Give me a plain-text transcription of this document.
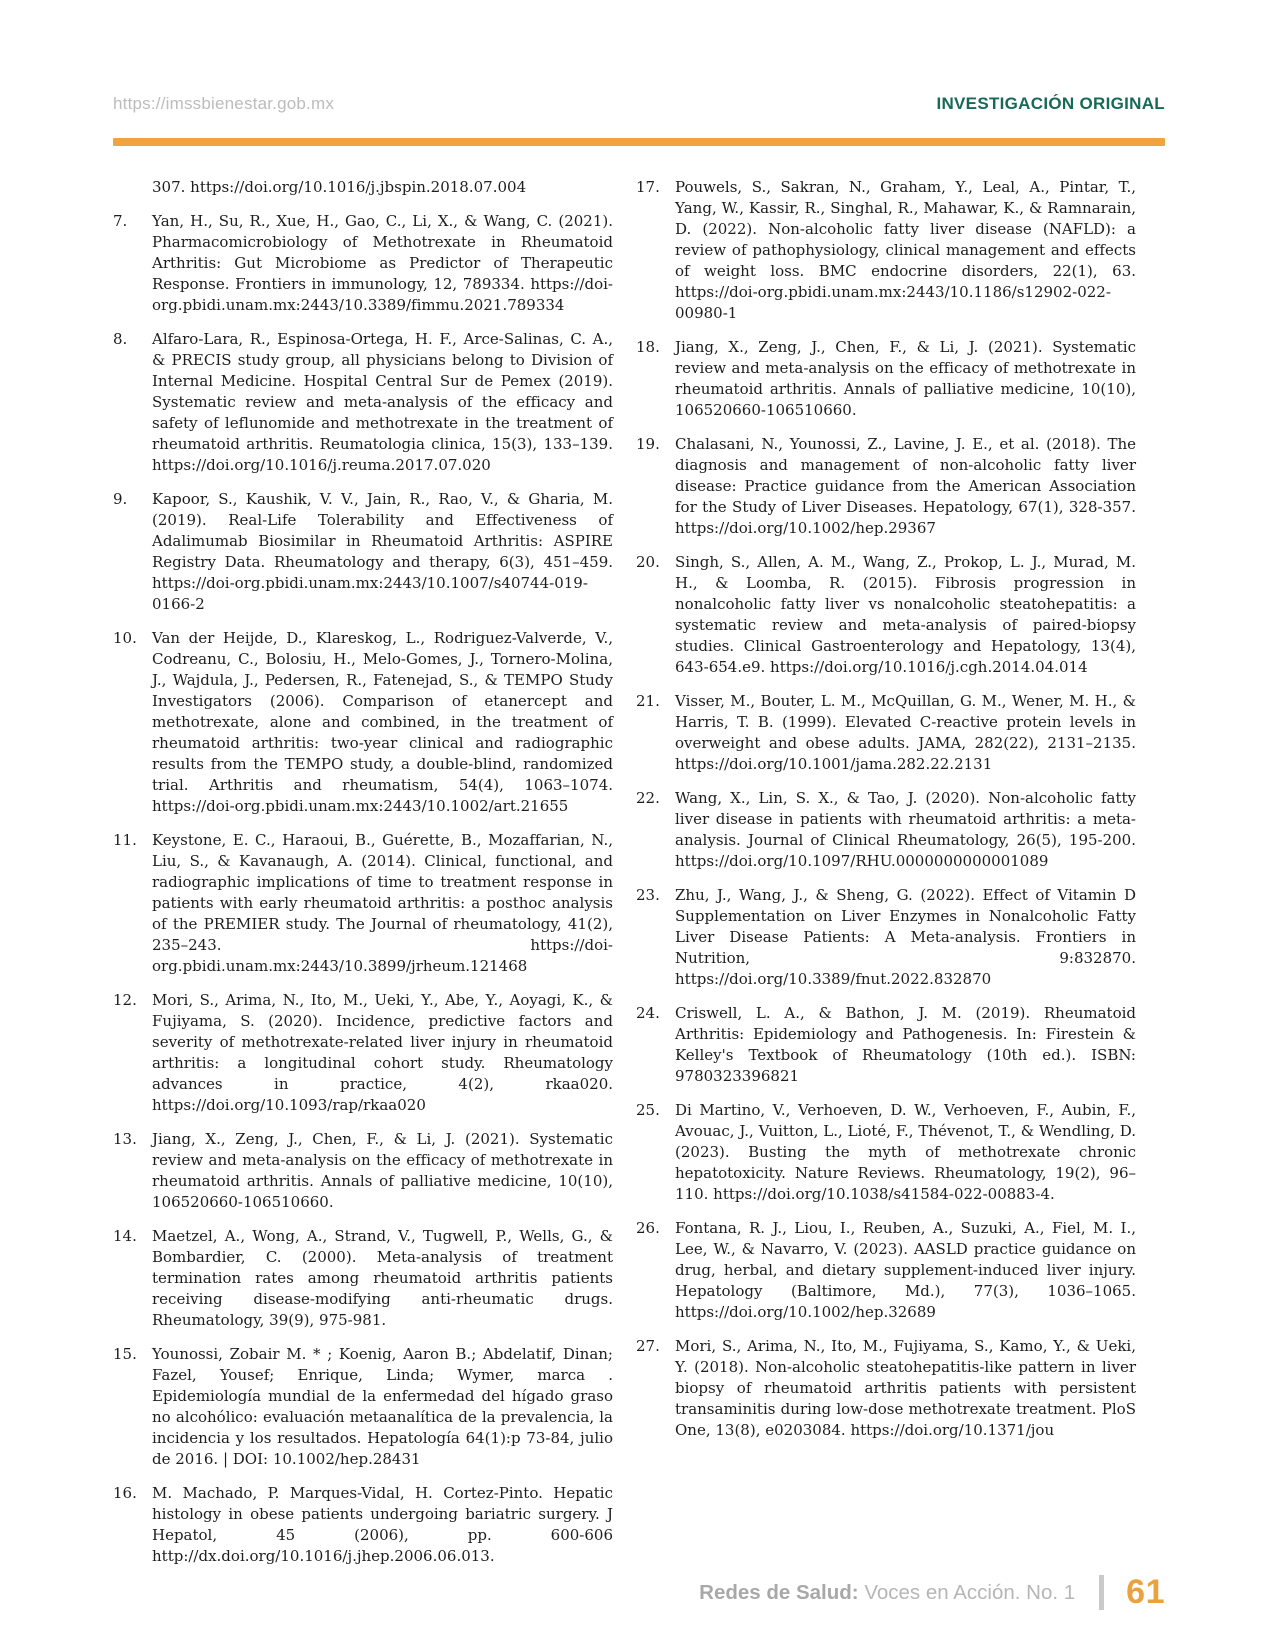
https://imssbienestar.gob.mx	INVESTIGACIÓN ORIGINAL
307. https://doi.org/10.1016/j.jbspin.2018.07.004
7.	Yan, H., Su, R., Xue, H., Gao, C., Li, X., & Wang, C. (2021). Pharmacomicrobiology of Methotrexate in Rheumatoid Arthritis: Gut Microbiome as Predictor of Therapeutic Response. Frontiers in immunology, 12, 789334. https://doi-org.pbidi.unam.mx:2443/10.3389/fimmu.2021.789334
8.	Alfaro-Lara, R., Espinosa-Ortega, H. F., Arce-Salinas, C. A., & PRECIS study group, all physicians belong to Division of Internal Medicine. Hospital Central Sur de Pemex (2019). Systematic review and meta-analysis of the efficacy and safety of leflunomide and methotrexate in the treatment of rheumatoid arthritis. Reumatologia clinica, 15(3), 133–139. https://doi.org/10.1016/j.reuma.2017.07.020
9.	Kapoor, S., Kaushik, V. V., Jain, R., Rao, V., & Gharia, M. (2019). Real-Life Tolerability and Effectiveness of Adalimumab Biosimilar in Rheumatoid Arthritis: ASPIRE Registry Data. Rheumatology and therapy, 6(3), 451–459. https://doi-org.pbidi.unam.mx:2443/10.1007/s40744-019-0166-2
10.	Van der Heijde, D., Klareskog, L., Rodriguez-Valverde, V., Codreanu, C., Bolosiu, H., Melo-Gomes, J., Tornero-Molina, J., Wajdula, J., Pedersen, R., Fatenejad, S., & TEMPO Study Investigators (2006). Comparison of etanercept and methotrexate, alone and combined, in the treatment of rheumatoid arthritis: two-year clinical and radiographic results from the TEMPO study, a double-blind, randomized trial. Arthritis and rheumatism, 54(4), 1063–1074. https://doi-org.pbidi.unam.mx:2443/10.1002/art.21655
11.	Keystone, E. C., Haraoui, B., Guérette, B., Mozaffarian, N., Liu, S., & Kavanaugh, A. (2014). Clinical, functional, and radiographic implications of time to treatment response in patients with early rheumatoid arthritis: a posthoc analysis of the PREMIER study. The Journal of rheumatology, 41(2), 235–243. https://doi-org.pbidi.unam.mx:2443/10.3899/jrheum.121468
12.	Mori, S., Arima, N., Ito, M., Ueki, Y., Abe, Y., Aoyagi, K., & Fujiyama, S. (2020). Incidence, predictive factors and severity of methotrexate-related liver injury in rheumatoid arthritis: a longitudinal cohort study. Rheumatology advances in practice, 4(2), rkaa020. https://doi.org/10.1093/rap/rkaa020
13.	Jiang, X., Zeng, J., Chen, F., & Li, J. (2021). Systematic review and meta-analysis on the efficacy of methotrexate in rheumatoid arthritis. Annals of palliative medicine, 10(10), 106520660-106510660.
14.	Maetzel, A., Wong, A., Strand, V., Tugwell, P., Wells, G., & Bombardier, C. (2000). Meta-analysis of treatment termination rates among rheumatoid arthritis patients receiving disease-modifying anti-rheumatic drugs. Rheumatology, 39(9), 975-981.
15.	Younossi, Zobair M. * ; Koenig, Aaron B.; Abdelatif, Dinan; Fazel, Yousef; Enrique, Linda; Wymer, marca . Epidemiología mundial de la enfermedad del hígado graso no alcohólico: evaluación metaanalítica de la prevalencia, la incidencia y los resultados. Hepatología 64(1):p 73-84, julio de 2016. | DOI: 10.1002/hep.28431
16.	M. Machado, P. Marques-Vidal, H. Cortez-Pinto. Hepatic histology in obese patients undergoing bariatric surgery. J Hepatol, 45 (2006), pp. 600-606 http://dx.doi.org/10.1016/j.jhep.2006.06.013.
17.	Pouwels, S., Sakran, N., Graham, Y., Leal, A., Pintar, T., Yang, W., Kassir, R., Singhal, R., Mahawar, K., & Ramnarain, D. (2022). Non-alcoholic fatty liver disease (NAFLD): a review of pathophysiology, clinical management and effects of weight loss. BMC endocrine disorders, 22(1), 63. https://doi-org.pbidi.unam.mx:2443/10.1186/s12902-022-00980-1
18.	Jiang, X., Zeng, J., Chen, F., & Li, J. (2021). Systematic review and meta-analysis on the efficacy of methotrexate in rheumatoid arthritis. Annals of palliative medicine, 10(10), 106520660-106510660.
19.	Chalasani, N., Younossi, Z., Lavine, J. E., et al. (2018). The diagnosis and management of non-alcoholic fatty liver disease: Practice guidance from the American Association for the Study of Liver Diseases. Hepatology, 67(1), 328-357. https://doi.org/10.1002/hep.29367
20.	Singh, S., Allen, A. M., Wang, Z., Prokop, L. J., Murad, M. H., & Loomba, R. (2015). Fibrosis progression in nonalcoholic fatty liver vs nonalcoholic steatohepatitis: a systematic review and meta-analysis of paired-biopsy studies. Clinical Gastroenterology and Hepatology, 13(4), 643-654.e9. https://doi.org/10.1016/j.cgh.2014.04.014
21.	Visser, M., Bouter, L. M., McQuillan, G. M., Wener, M. H., & Harris, T. B. (1999). Elevated C-reactive protein levels in overweight and obese adults. JAMA, 282(22), 2131–2135. https://doi.org/10.1001/jama.282.22.2131
22.	Wang, X., Lin, S. X., & Tao, J. (2020). Non-alcoholic fatty liver disease in patients with rheumatoid arthritis: a meta-analysis. Journal of Clinical Rheumatology, 26(5), 195-200. https://doi.org/10.1097/RHU.0000000000001089
23.	Zhu, J., Wang, J., & Sheng, G. (2022). Effect of Vitamin D Supplementation on Liver Enzymes in Nonalcoholic Fatty Liver Disease Patients: A Meta-analysis. Frontiers in Nutrition, 9:832870. https://doi.org/10.3389/fnut.2022.832870
24.	Criswell, L. A., & Bathon, J. M. (2019). Rheumatoid Arthritis: Epidemiology and Pathogenesis. In: Firestein & Kelley's Textbook of Rheumatology (10th ed.). ISBN: 9780323396821
25.	Di Martino, V., Verhoeven, D. W., Verhoeven, F., Aubin, F., Avouac, J., Vuitton, L., Lioté, F., Thévenot, T., & Wendling, D. (2023). Busting the myth of methotrexate chronic hepatotoxicity. Nature Reviews. Rheumatology, 19(2), 96–110. https://doi.org/10.1038/s41584-022-00883-4.
26.	Fontana, R. J., Liou, I., Reuben, A., Suzuki, A., Fiel, M. I., Lee, W., & Navarro, V. (2023). AASLD practice guidance on drug, herbal, and dietary supplement-induced liver injury. Hepatology (Baltimore, Md.), 77(3), 1036–1065. https://doi.org/10.1002/hep.32689
27.	Mori, S., Arima, N., Ito, M., Fujiyama, S., Kamo, Y., & Ueki, Y. (2018). Non-alcoholic steatohepatitis-like pattern in liver biopsy of rheumatoid arthritis patients with persistent transaminitis during low-dose methotrexate treatment. PloS One, 13(8), e0203084. https://doi.org/10.1371/jou
Redes de Salud: Voces en Acción. No. 1 61
